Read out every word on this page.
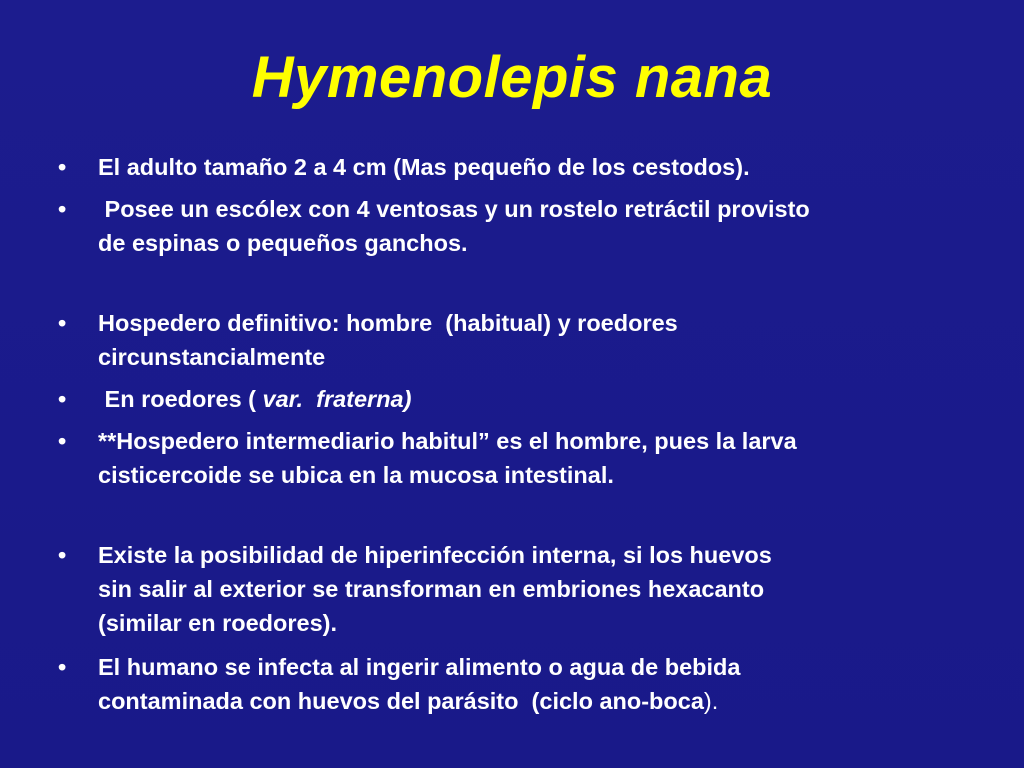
Hymenolepis nana
•	El adulto tamaño 2 a 4 cm (Mas pequeño de los cestodos).
•	Posee un escólex con 4 ventosas y un rostelo retráctil provisto
de espinas o pequeños ganchos.
•	Hospedero definitivo: hombre  (habitual) y roedores
circunstancialmente
•	En roedores ( var.  fraterna)
•	**Hospedero intermediario habitul” es el hombre, pues la larva
cisticercoide se ubica en la mucosa intestinal.
•	Existe la posibilidad de hiperinfección interna, si los huevos
sin salir al exterior se transforman en embriones hexacanto
(similar en roedores).
•	El humano se infecta al ingerir alimento o agua de bebida
contaminada con huevos del parásito  (ciclo ano-boca).
